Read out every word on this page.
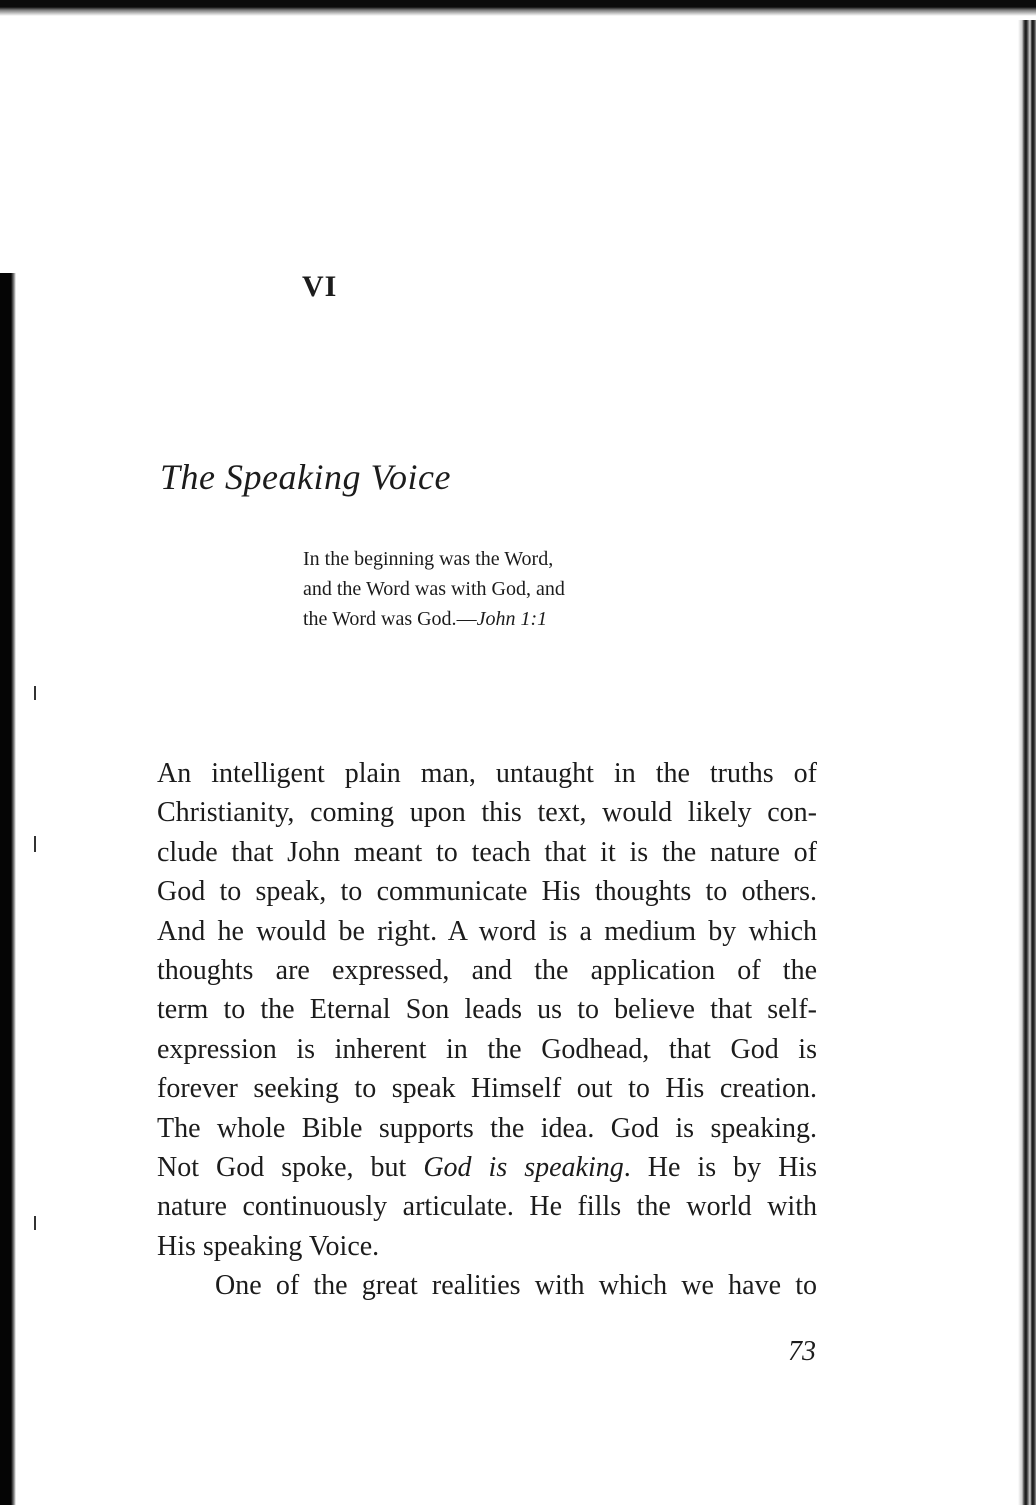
VI
The Speaking Voice
In the beginning was the Word,
and the Word was with God, and
the Word was God.—John 1:1
An intelligent plain man, untaught in the truths of
Christianity, coming upon this text, would likely con-
clude that John meant to teach that it is the nature of
God to speak, to communicate His thoughts to others.
And he would be right. A word is a medium by which
thoughts are expressed, and the application of the
term to the Eternal Son leads us to believe that self-
expression is inherent in the Godhead, that God is
forever seeking to speak Himself out to His creation.
The whole Bible supports the idea. God is speaking.
Not God spoke, but God is speaking. He is by His
nature continuously articulate. He fills the world with
His speaking Voice.
One of the great realities with which we have to
73
